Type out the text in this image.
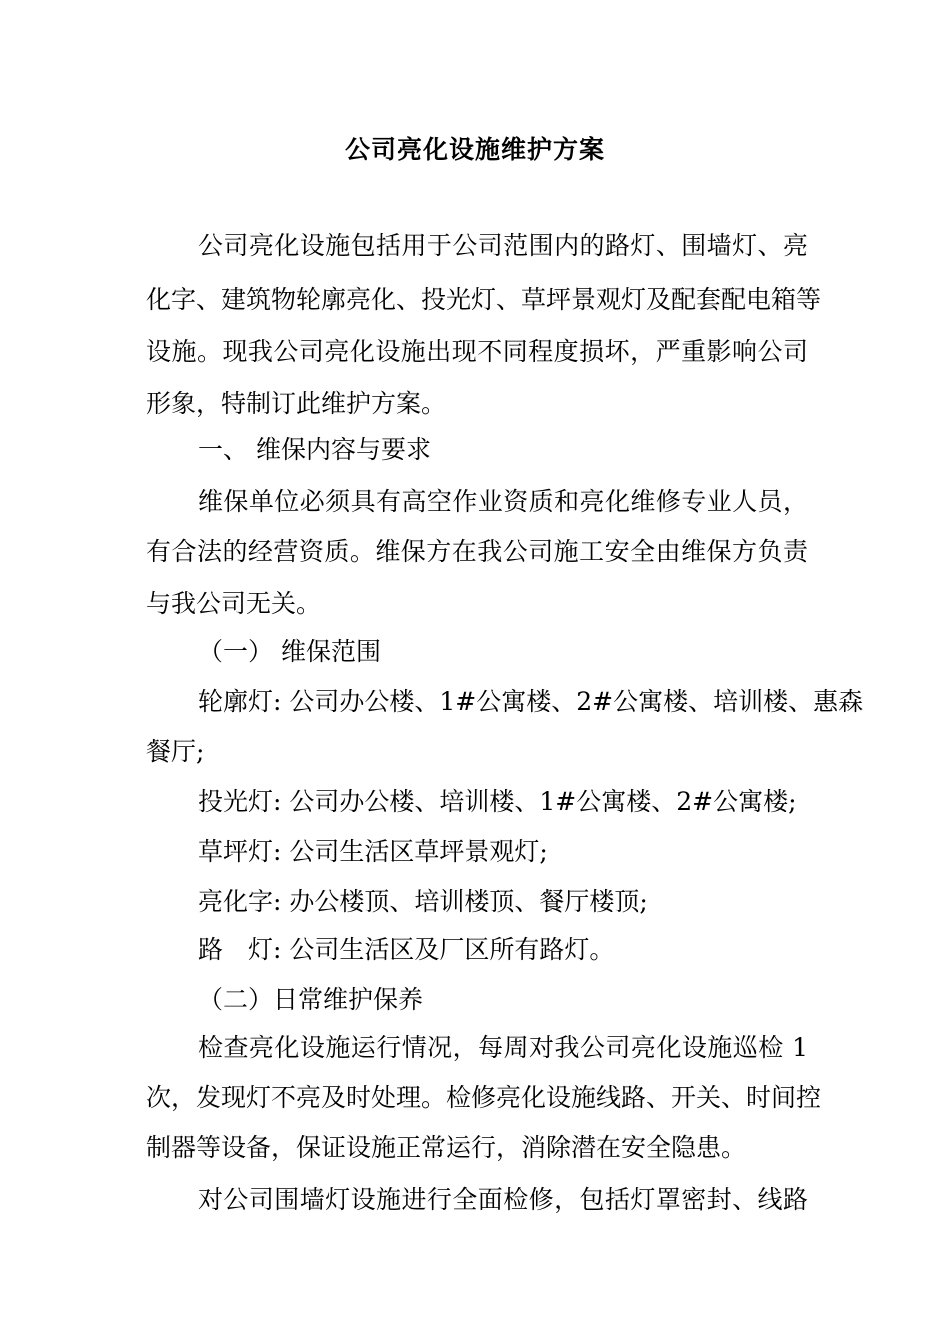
公司亮化设施维护方案
公司亮化设施包括用于公司范围内的路灯、围墙灯、亮
化字、建筑物轮廓亮化、投光灯、草坪景观灯及配套配电箱等
设施。现我公司亮化设施出现不同程度损坏，严重影响公司
形象，特制订此维护方案。
一、 维保内容与要求
维保单位必须具有高空作业资质和亮化维修专业人员，
有合法的经营资质。维保方在我公司施工安全由维保方负责
与我公司无关。
（一） 维保范围
轮廓灯: 公司办公楼、1#公寓楼、2#公寓楼、培训楼、惠森
餐厅;
投光灯: 公司办公楼、培训楼、1#公寓楼、2#公寓楼;
草坪灯: 公司生活区草坪景观灯;
亮化字: 办公楼顶、培训楼顶、餐厅楼顶;
路　灯: 公司生活区及厂区所有路灯。
（二）日常维护保养
检查亮化设施运行情况，每周对我公司亮化设施巡检 1
次，发现灯不亮及时处理。检修亮化设施线路、开关、时间控
制器等设备，保证设施正常运行，消除潜在安全隐患。
对公司围墙灯设施进行全面检修，包括灯罩密封、线路
